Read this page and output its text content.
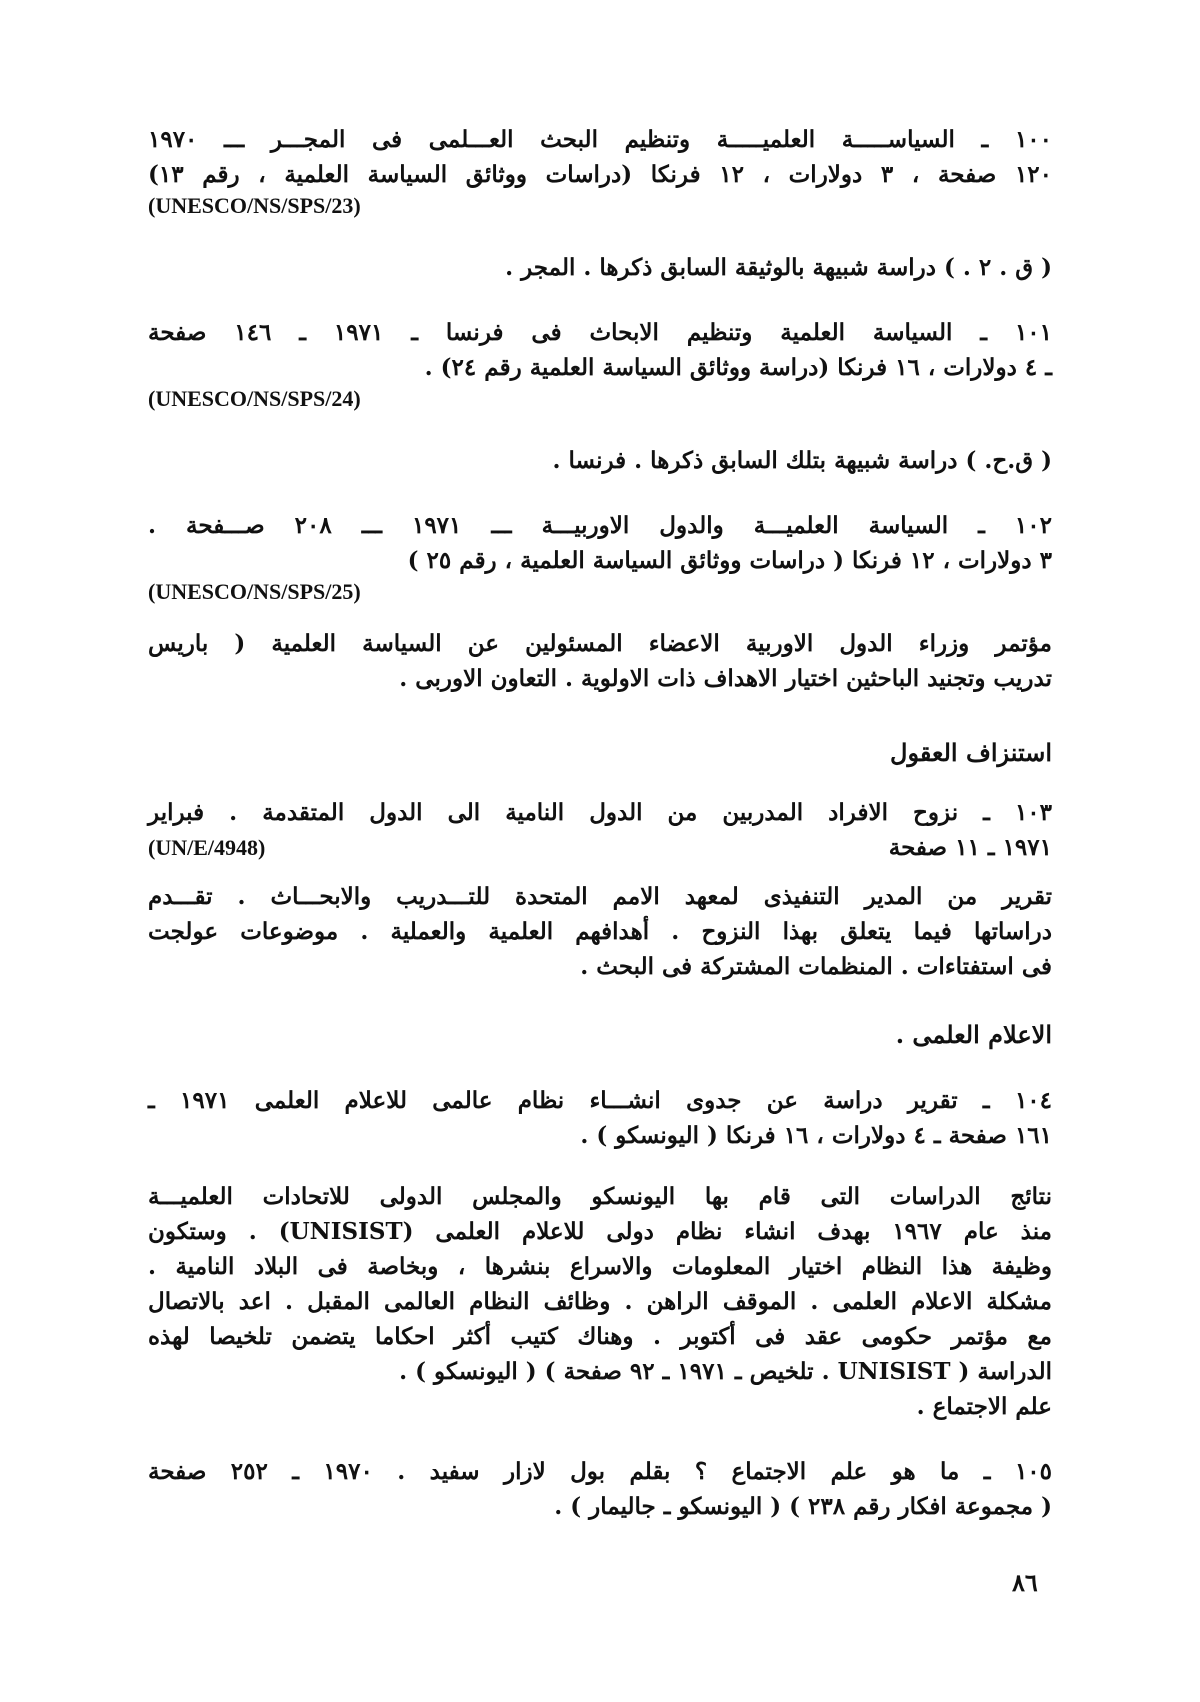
١٠٠ ـ السياســـــة العلميـــــة وتنظيم البحث العـــلمى فى المجـــر ـــ ١٩٧٠
١٢٠ صفحة ، ٣ دولارات ، ١٢ فرنكا (دراسات ووثائق السياسة العلمية ، رقم ١٣)
(UNESCO/NS/SPS/23)
( ق . ٢ . ) دراسة شبيهة بالوثيقة السابق ذكرها . المجر .
١٠١ ـ السياسة العلمية وتنظيم الابحاث فى فرنسا ـ ١٩٧١ ـ ١٤٦ صفحة
ـ ٤ دولارات ، ١٦ فرنكا (دراسة ووثائق السياسة العلمية رقم ٢٤) .
(UNESCO/NS/SPS/24)
( ق.ح. ) دراسة شبيهة بتلك السابق ذكرها . فرنسا .
١٠٢ ـ السياسة العلميـــة والدول الاوربيـــة ـــ ١٩٧١ ـــ ٢٠٨ صـــفحة .
٣ دولارات ، ١٢ فرنكا ( دراسات ووثائق السياسة العلمية ، رقم ٢٥ )
(UNESCO/NS/SPS/25)
مؤتمر وزراء الدول الاوربية الاعضاء المسئولين عن السياسة العلمية ( باريس
تدريب وتجنيد الباحثين اختيار الاهداف ذات الاولوية . التعاون الاوربى .
استنزاف العقول
١٠٣ ـ نزوح الافراد المدربين من الدول النامية الى الدول المتقدمة . فبراير
(UN/E/4948)	١٩٧١ ـ ١١ صفحة
تقرير من المدير التنفيذى لمعهد الامم المتحدة للتـــدريب والابحـــاث . تقـــدم
دراساتها فيما يتعلق بهذا النزوح . أهدافهم العلمية والعملية . موضوعات عولجت
فى استفتاءات . المنظمات المشتركة فى البحث .
الاعلام العلمى .
١٠٤ ـ تقرير دراسة عن جدوى انشـــاء نظام عالمى للاعلام العلمى ١٩٧١ ـ
١٦١ صفحة ـ ٤ دولارات ، ١٦ فرنكا ( اليونسكو ) .
نتائج الدراسات التى قام بها اليونسكو والمجلس الدولى للاتحادات العلميـــة
منذ عام ١٩٦٧ بهدف انشاء نظام دولى للاعلام العلمى (UNISIST) . وستكون
وظيفة هذا النظام اختيار المعلومات والاسراع بنشرها ، وبخاصة فى البلاد النامية .
مشكلة الاعلام العلمى . الموقف الراهن . وظائف النظام العالمى المقبل . اعد بالاتصال
مع مؤتمر حكومى عقد فى أكتوبر . وهناك كتيب أكثر احكاما يتضمن تلخيصا لهذه
الدراسة ( UNISIST . تلخيص ـ ١٩٧١ ـ ٩٢ صفحة ) ( اليونسكو ) .
علم الاجتماع .
١٠٥ ـ ما هو علم الاجتماع ؟ بقلم بول لازار سفيد . ١٩٧٠ ـ ٢٥٢ صفحة
( مجموعة افكار رقم ٢٣٨ ) ( اليونسكو ـ جاليمار ) .
٨٦
